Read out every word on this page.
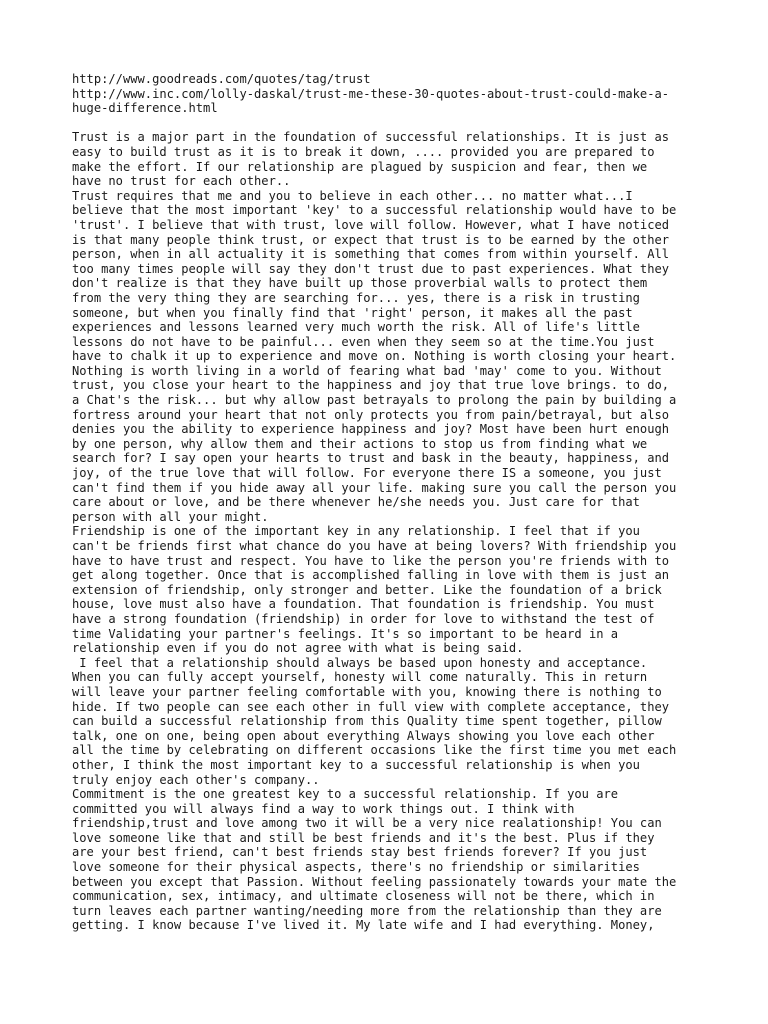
http://www.goodreads.com/quotes/tag/trust
http://www.inc.com/lolly-daskal/trust-me-these-30-quotes-about-trust-could-make-a-
huge-difference.html
Trust is a major part in the foundation of successful relationships. It is just as
easy to build trust as it is to break it down, .... provided you are prepared to
make the effort. If our relationship are plagued by suspicion and fear, then we
have no trust for each other..
Trust requires that me and you to believe in each other... no matter what...I
believe that the most important 'key' to a successful relationship would have to be
'trust'. I believe that with trust, love will follow. However, what I have noticed
is that many people think trust, or expect that trust is to be earned by the other
person, when in all actuality it is something that comes from within yourself. All
too many times people will say they don't trust due to past experiences. What they
don't realize is that they have built up those proverbial walls to protect them
from the very thing they are searching for... yes, there is a risk in trusting
someone, but when you finally find that 'right' person, it makes all the past
experiences and lessons learned very much worth the risk. All of life's little
lessons do not have to be painful... even when they seem so at the time.You just
have to chalk it up to experience and move on. Nothing is worth closing your heart.
Nothing is worth living in a world of fearing what bad 'may' come to you. Without
trust, you close your heart to the happiness and joy that true love brings. to do,
a Chat's the risk... but why allow past betrayals to prolong the pain by building a
fortress around your heart that not only protects you from pain/betrayal, but also
denies you the ability to experience happiness and joy? Most have been hurt enough
by one person, why allow them and their actions to stop us from finding what we
search for? I say open your hearts to trust and bask in the beauty, happiness, and
joy, of the true love that will follow. For everyone there IS a someone, you just
can't find them if you hide away all your life. making sure you call the person you
care about or love, and be there whenever he/she needs you. Just care for that
person with all your might.
Friendship is one of the important key in any relationship. I feel that if you
can't be friends first what chance do you have at being lovers? With friendship you
have to have trust and respect. You have to like the person you're friends with to
get along together. Once that is accomplished falling in love with them is just an
extension of friendship, only stronger and better. Like the foundation of a brick
house, love must also have a foundation. That foundation is friendship. You must
have a strong foundation (friendship) in order for love to withstand the test of
time Validating your partner's feelings. It's so important to be heard in a
relationship even if you do not agree with what is being said.
I feel that a relationship should always be based upon honesty and acceptance.
When you can fully accept yourself, honesty will come naturally. This in return
will leave your partner feeling comfortable with you, knowing there is nothing to
hide. If two people can see each other in full view with complete acceptance, they
can build a successful relationship from this Quality time spent together, pillow
talk, one on one, being open about everything Always showing you love each other
all the time by celebrating on different occasions like the first time you met each
other, I think the most important key to a successful relationship is when you
truly enjoy each other's company..
Commitment is the one greatest key to a successful relationship. If you are
committed you will always find a way to work things out. I think with
friendship,trust and love among two it will be a very nice realationship! You can
love someone like that and still be best friends and it's the best. Plus if they
are your best friend, can't best friends stay best friends forever? If you just
love someone for their physical aspects, there's no friendship or similarities
between you except that Passion. Without feeling passionately towards your mate the
communication, sex, intimacy, and ultimate closeness will not be there, which in
turn leaves each partner wanting/needing more from the relationship than they are
getting. I know because I've lived it. My late wife and I had everything. Money,
